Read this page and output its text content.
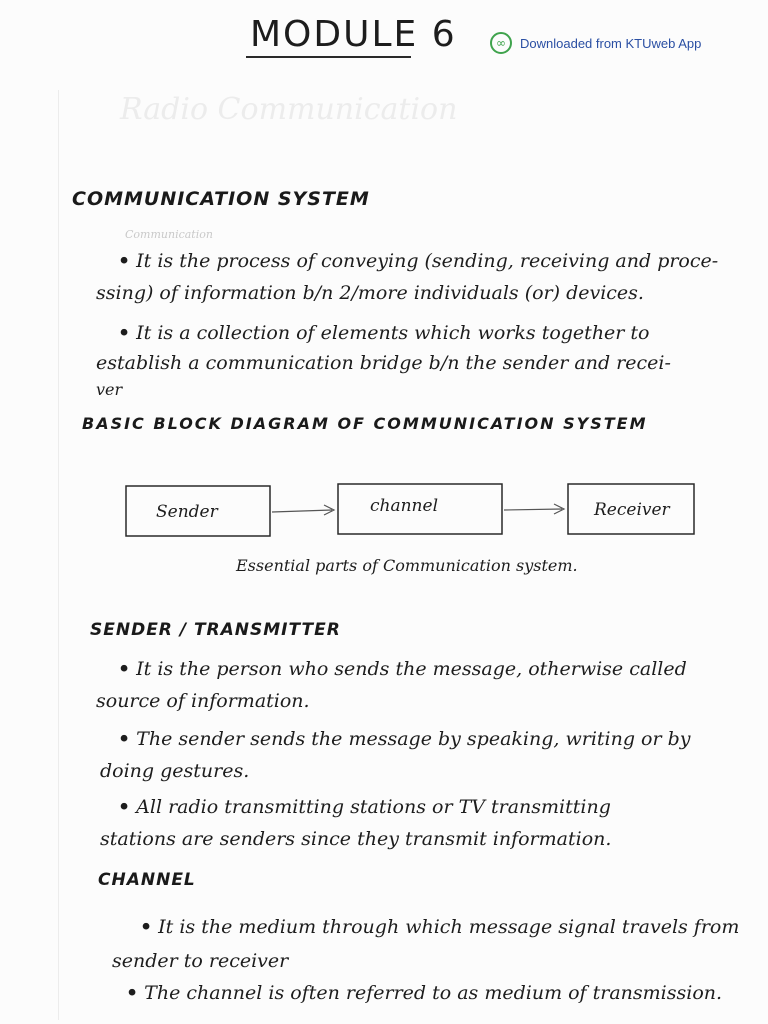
MODULE 6	∞	Downloaded from KTUweb App
Radio Communication
COMMUNICATION SYSTEM
Communication
• It is the process of conveying (sending, receiving and proce-
ssing) of information b/n 2/more individuals (or) devices.
• It is a collection of elements which works together to
establish a communication bridge b/n the sender and recei-
ver
BASIC BLOCK DIAGRAM OF COMMUNICATION SYSTEM
Sender	channel	Receiver
Essential parts of Communication system.
SENDER / TRANSMITTER
• It is the person who sends the message, otherwise called
source of information.
• The sender sends the message by speaking, writing or by
doing gestures.
• All radio transmitting stations or TV transmitting
stations are senders since they transmit information.
CHANNEL
• It is the medium through which message signal travels from
sender to receiver
• The channel is often referred to as medium of transmission.
